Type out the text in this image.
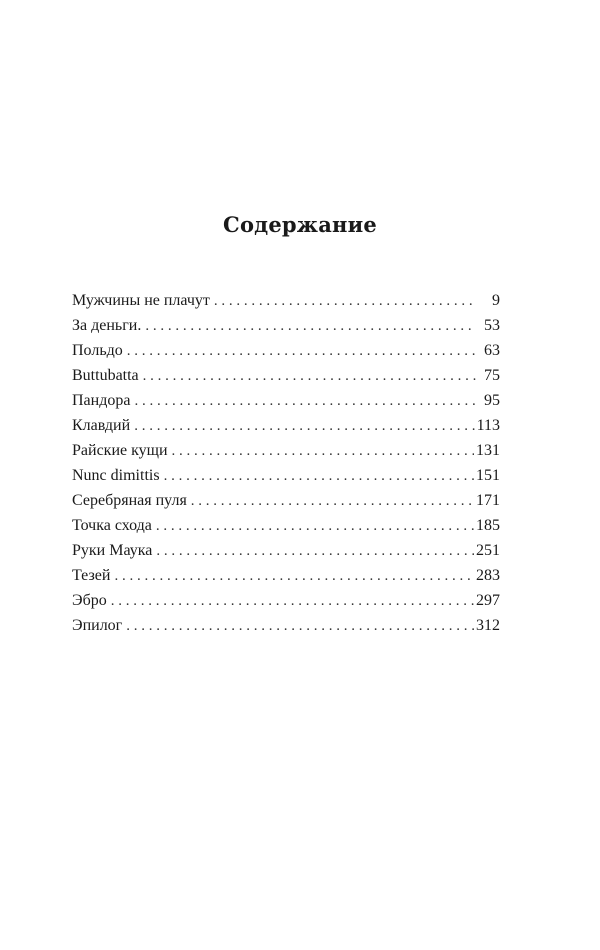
Содержание
Мужчины не плачут . . .	9
За деньги. . . .	53
Польдо . . .	63
Buttubatta . . .	75
Пандора . . .	95
Клавдий . . .	113
Райские кущи . . .	131
Nunc dimittis . . .	151
Серебряная пуля . . .	171
Точка схода . . .	185
Руки Маука . . .	251
Тезей . . .	283
Эбро . . .	297
Эпилог . . .	312
